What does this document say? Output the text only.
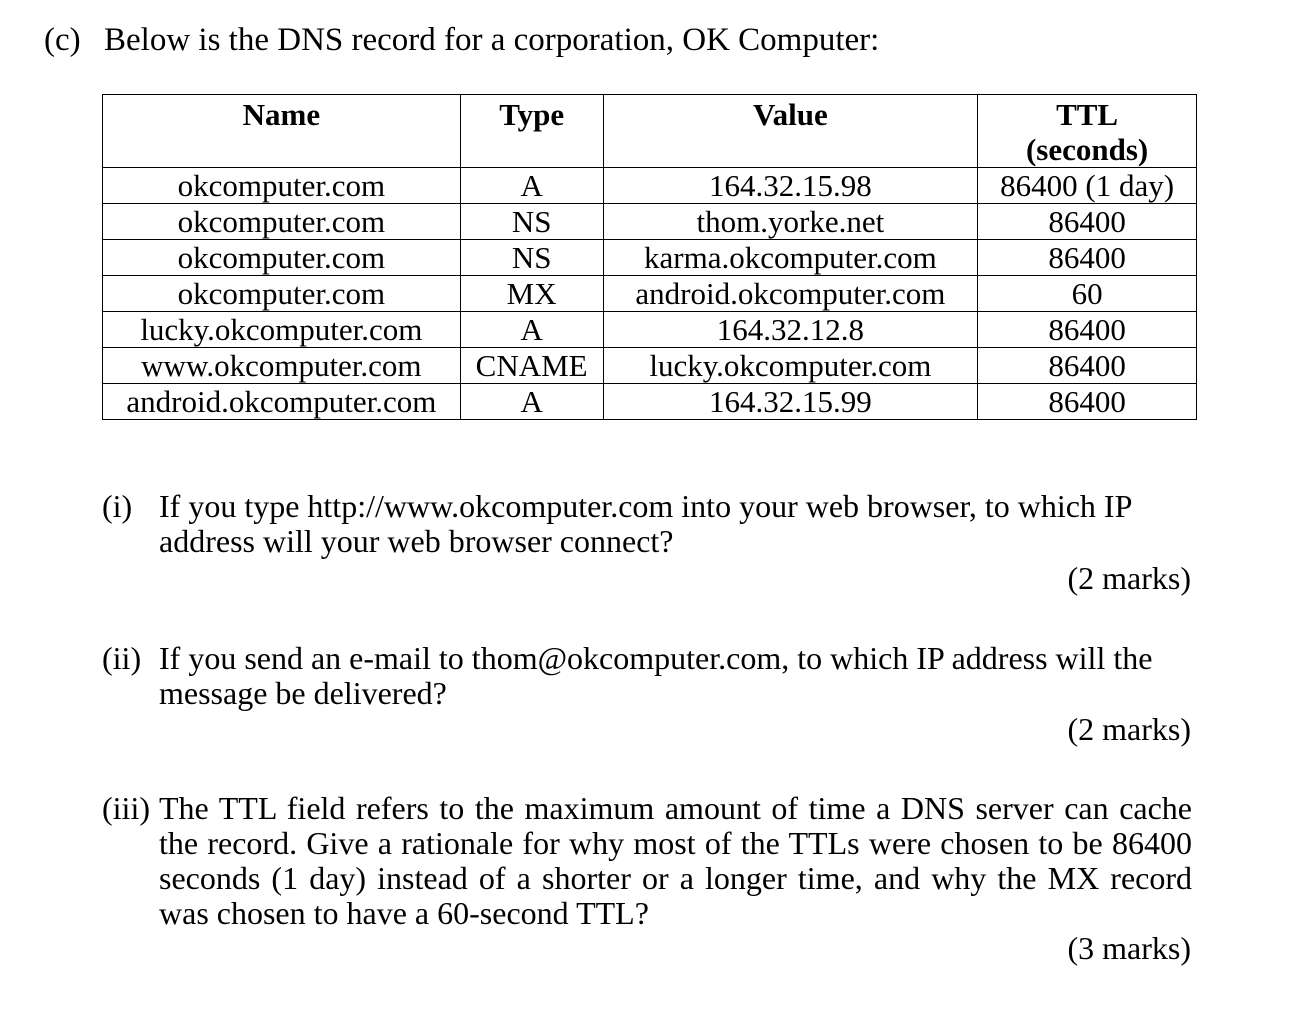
(c) Below is the DNS record for a corporation, OK Computer:
Name	Type	Value	TTL
(seconds)

okcomputer.com	A	164.32.15.98	86400 (1 day)
okcomputer.com	NS	thom.yorke.net	86400
okcomputer.com	NS	karma.okcomputer.com	86400
okcomputer.com	MX	android.okcomputer.com	60
lucky.okcomputer.com	A	164.32.12.8	86400
www.okcomputer.com	CNAME	lucky.okcomputer.com	86400
android.okcomputer.com	A	164.32.15.99	86400
(i) If you type http://www.okcomputer.com into your web browser, to which IP
address will your web browser connect?
(2 marks)
(ii) If you send an e-mail to thom@okcomputer.com, to which IP address will the
message be delivered?
(2 marks)
(iii) The TTL field refers to the maximum amount of time a DNS server can cache the record. Give a rationale for why most of the TTLs were chosen to be 86400 seconds (1 day) instead of a shorter or a longer time, and why the MX record was chosen to have a 60-second TTL?
(3 marks)
